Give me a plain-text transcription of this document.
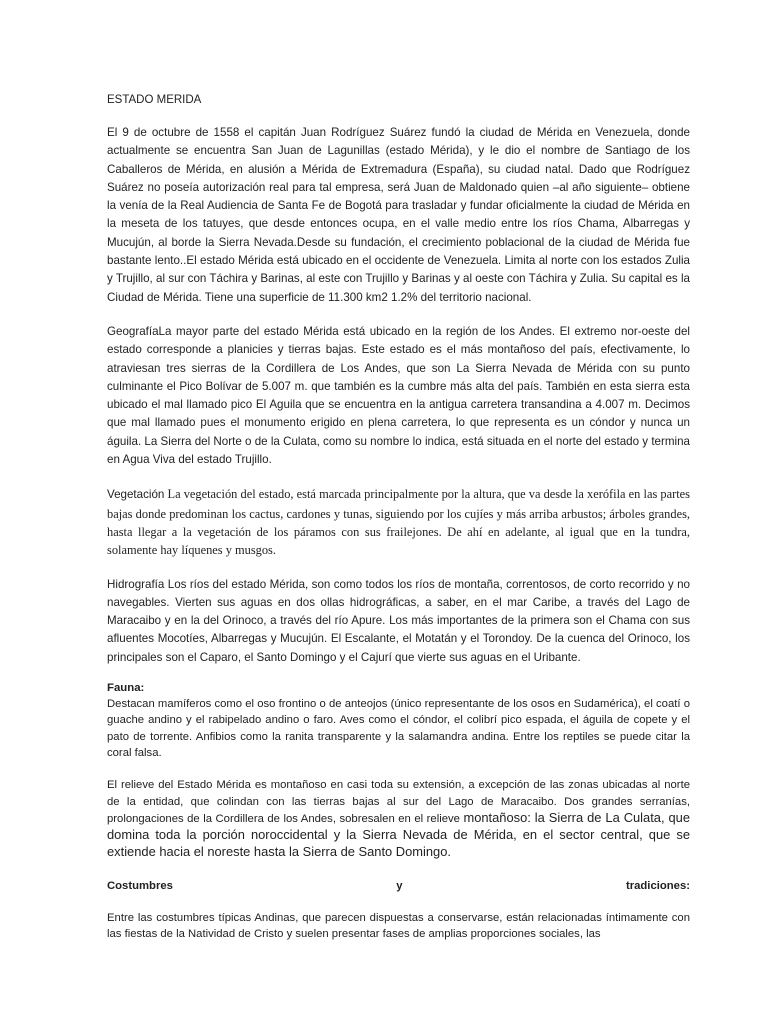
ESTADO MERIDA

El 9 de octubre de 1558 el capitán Juan Rodríguez Suárez fundó la ciudad de Mérida en Venezuela, donde actualmente se encuentra San Juan de Lagunillas (estado Mérida), y le dio el nombre de Santiago de los Caballeros de Mérida, en alusión a Mérida de Extremadura (España), su ciudad natal. Dado que Rodríguez Suárez no poseía autorización real para tal empresa, será Juan de Maldonado quien –al año siguiente– obtiene la venía de la Real Audiencia de Santa Fe de Bogotá para trasladar y fundar oficialmente la ciudad de Mérida en la meseta de los tatuyes, que desde entonces ocupa, en el valle medio entre los ríos Chama, Albarregas y Mucujún, al borde la Sierra Nevada.Desde su fundación, el crecimiento poblacional de la ciudad de Mérida fue bastante lento..El estado Mérida está ubicado en el occidente de Venezuela. Limita al norte con los estados Zulia y Trujillo, al sur con Táchira y Barinas, al este con Trujillo y Barinas y al oeste con Táchira y Zulia. Su capital es la Ciudad de Mérida. Tiene una superficie de 11.300 km2 1.2% del territorio nacional.

GeografíaLa mayor parte del estado Mérida está ubicado en la región de los Andes. El extremo nor-oeste del estado corresponde a planicies y tierras bajas. Este estado es el más montañoso del país, efectivamente, lo atraviesan tres sierras de la Cordillera de Los Andes, que son La Sierra Nevada de Mérida con su punto culminante el Pico Bolívar de 5.007 m. que también es la cumbre más alta del país. También en esta sierra esta ubicado el mal llamado pico El Aguila que se encuentra en la antigua carretera transandina a 4.007 m. Decimos que mal llamado pues el monumento erigido en plena carretera, lo que representa es un cóndor y nunca un águila. La Sierra del Norte o de la Culata, como su nombre lo indica, está situada en el norte del estado y termina en Agua Viva del estado Trujillo.

Vegetación La vegetación del estado, está marcada principalmente por la altura, que va desde la xerófila en las partes bajas donde predominan los cactus, cardones y tunas, siguiendo por los cujíes y más arriba arbustos; árboles grandes, hasta llegar a la vegetación de los páramos con sus frailejones. De ahí en adelante, al igual que en la tundra, solamente hay líquenes y musgos.

Hidrografía Los ríos del estado Mérida, son como todos los ríos de montaña, correntosos, de corto recorrido y no navegables. Vierten sus aguas en dos ollas hidrográficas, a saber, en el mar Caribe, a través del Lago de Maracaibo y en la del Orinoco, a través del río Apure. Los más importantes de la primera son el Chama con sus afluentes Mocotíes, Albarregas y Mucujún. El Escalante, el Motatán y el Torondoy. De la cuenca del Orinoco, los principales son el Caparo, el Santo Domingo y el Cajurí que vierte sus aguas en el Uribante.

Fauna:

Destacan mamíferos como el oso frontino o de anteojos (único representante de los osos en Sudamérica), el coatí o guache andino y el rabipelado andino o faro. Aves como el cóndor, el colibrí pico espada, el águila de copete y el pato de torrente. Anfibios como la ranita transparente y la salamandra andina. Entre los reptiles se puede citar la coral falsa.

El relieve del Estado Mérida es montañoso en casi toda su extensión, a excepción de las zonas ubicadas al norte de la entidad, que colindan con las tierras bajas al sur del Lago de Maracaibo. Dos grandes serranías, prolongaciones de la Cordillera de los Andes, sobresalen en el relieve montañoso: la Sierra de La Culata, que domina toda la porción noroccidental y la Sierra Nevada de Mérida, en el sector central, que se extiende hacia el noreste hasta la Sierra de Santo Domingo.

Costumbres	y	tradiciones:

Entre las costumbres típicas Andinas, que parecen dispuestas a conservarse, están relacionadas íntimamente con las fiestas de la Natividad de Cristo y suelen presentar fases de amplias proporciones sociales, las
